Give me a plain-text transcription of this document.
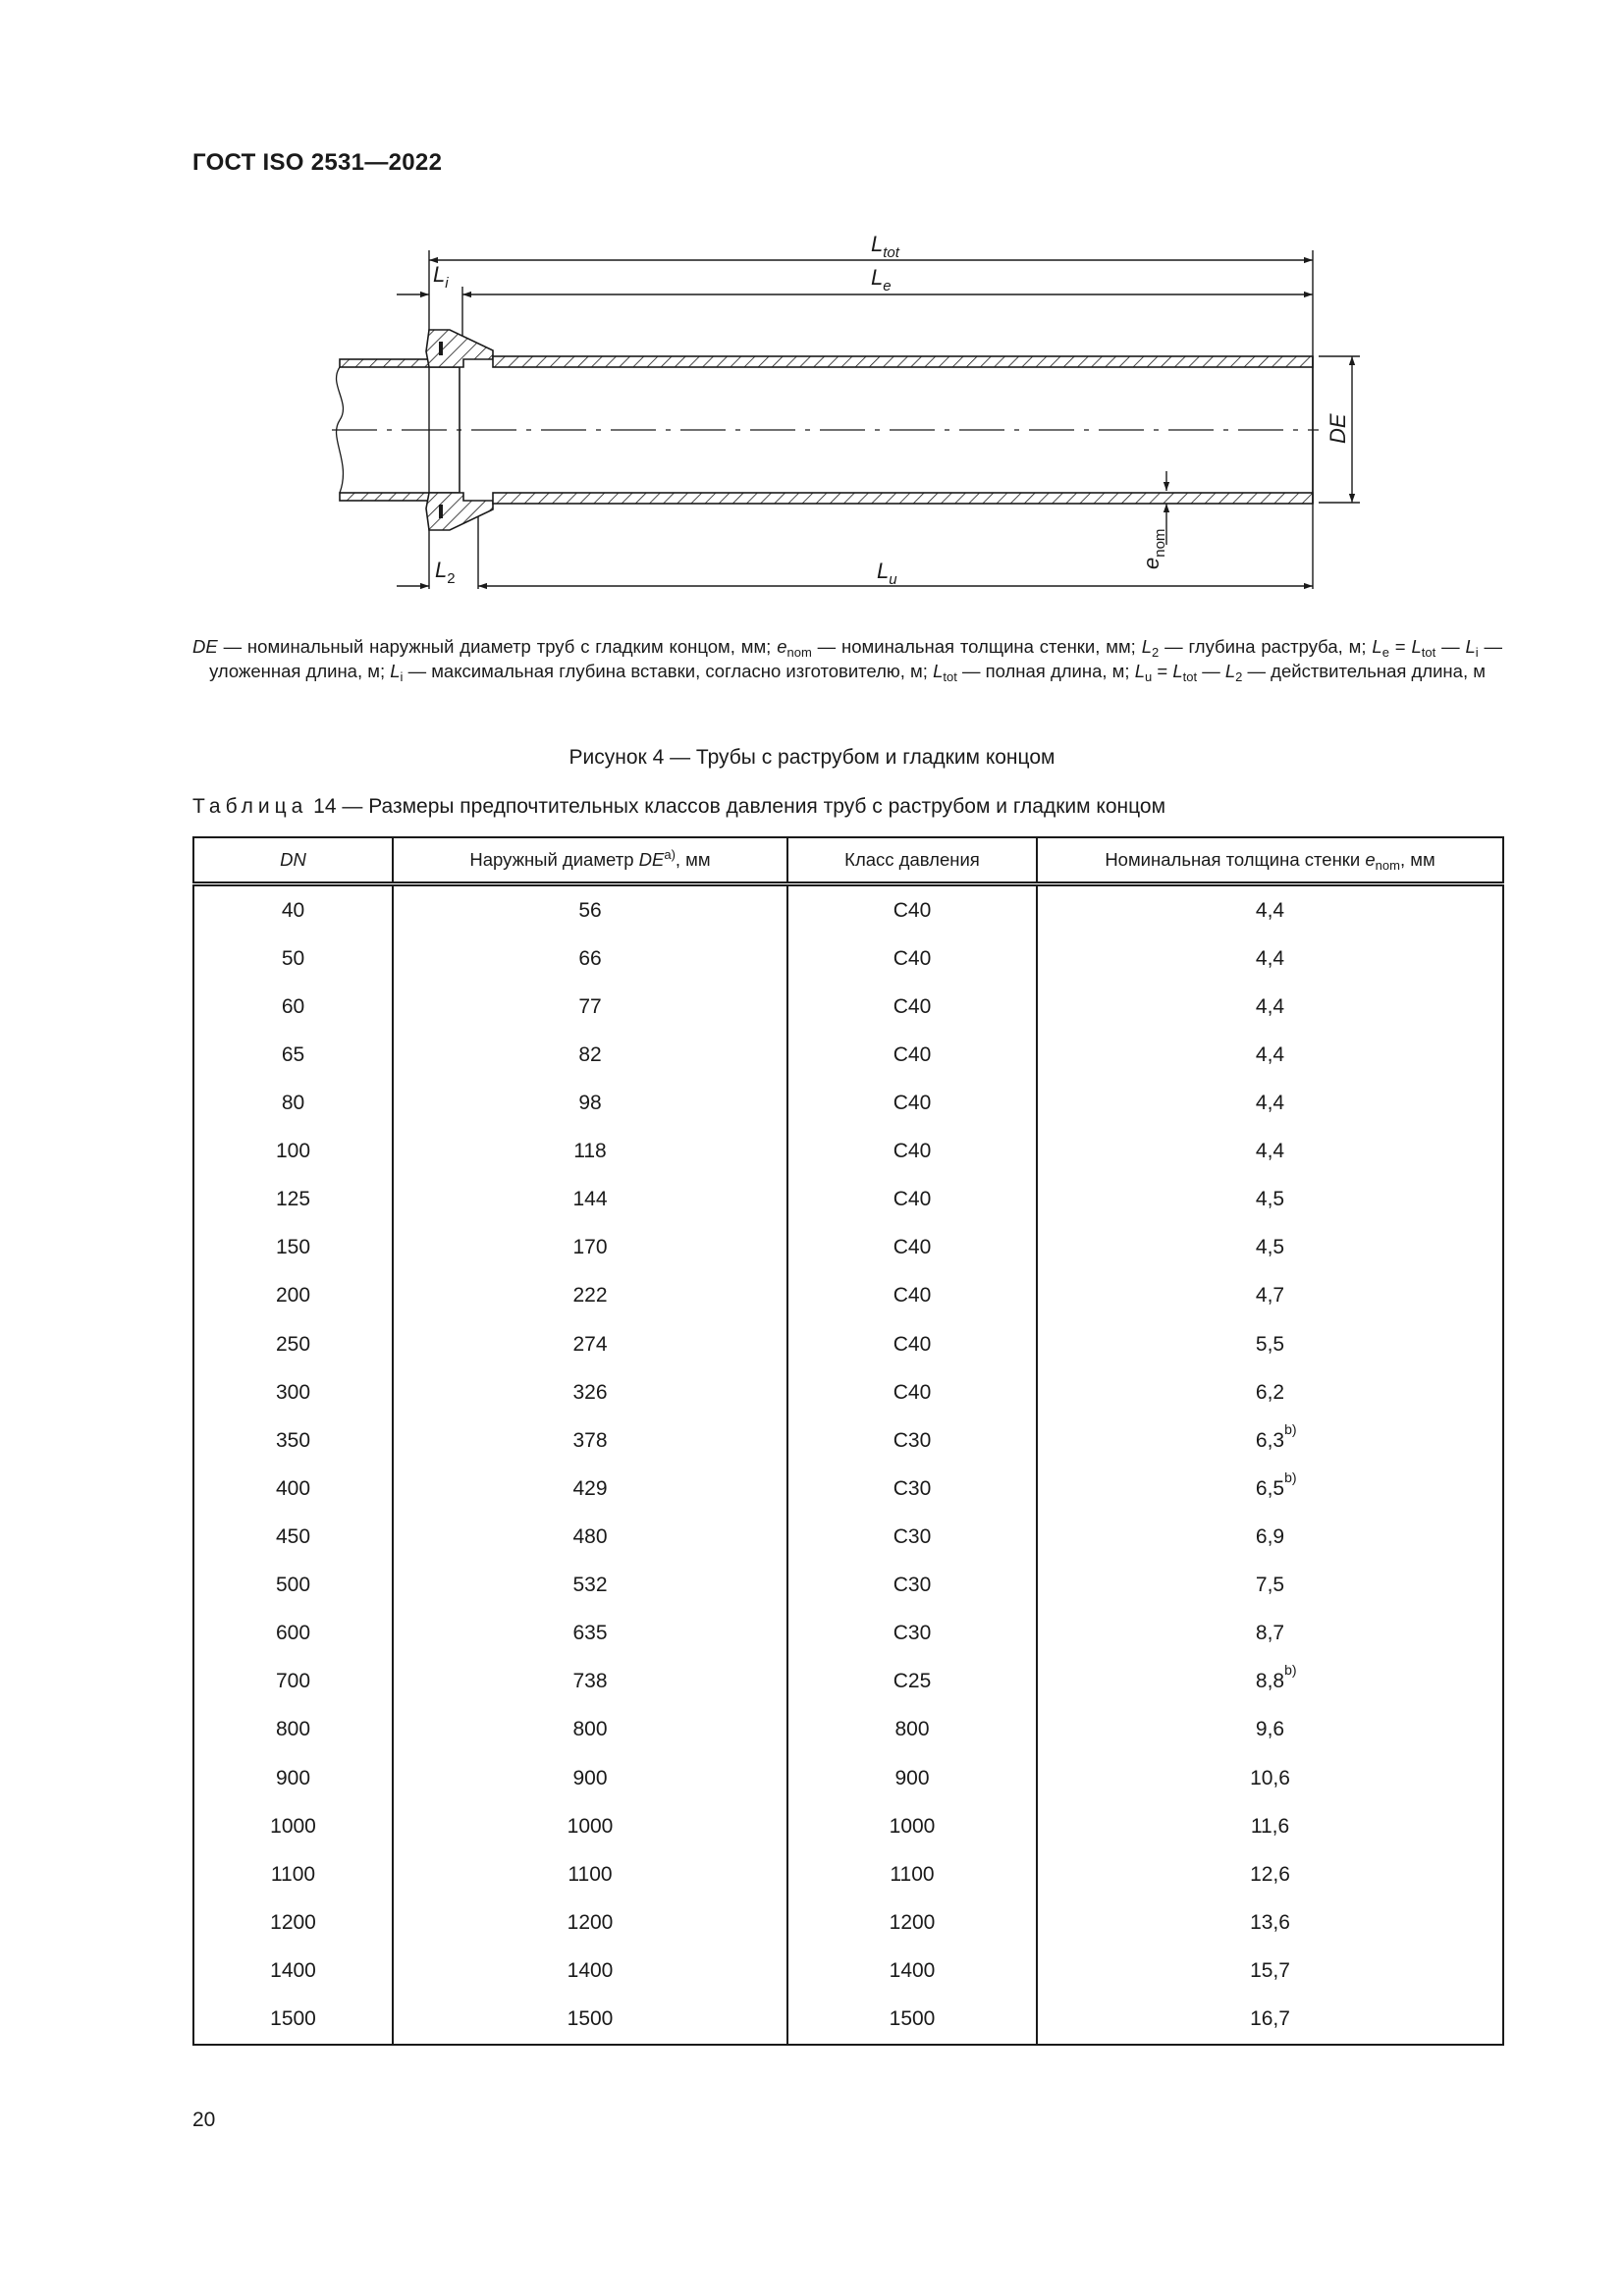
ГОСТ ISO 2531—2022
$L_{tot}$
$L_e$
$L_i$
$L_2$	$L_u$
DE
$e_{nom}$
DE — номинальный наружный диаметр труб с гладким концом, мм; $e_{nom}$ — номинальная толщина стенки, мм; $L_2$ — глубина раструба, м; $L_e = L_{tot}$ — $L_i$ — уложенная длина, м; $L_i$ — максимальная глубина вставки, согласно изготовителю, м; $L_{tot}$ — полная длина, м; $L_u = L_{tot}$ — $L_2$ — действительная длина, м
Рисунок 4 — Трубы с раструбом и гладким концом
Таблица 14 — Размеры предпочтительных классов давления труб с раструбом и гладким концом
DN	Наружный диаметр DE$^{a)}$, мм	Класс давления	Номинальная толщина стенки $e_{nom}$, мм
40	56	C40	4,4
50	66	C40	4,4
60	77	C40	4,4
65	82	C40	4,4
80	98	C40	4,4
100	118	C40	4,4
125	144	C40	4,5
150	170	C40	4,5
200	222	C40	4,7
250	274	C40	5,5
300	326	C40	6,2
350	378	C30	6,3 b)

400	429	C30	6,5 b)

450	480	C30	6,9
500	532	C30	7,5
600	635	C30	8,7
700	738	C25	8,8 b)

800	800	800	9,6
900	900	900	10,6
1000	1000	1000	11,6
1100	1100	1100	12,6
1200	1200	1200	13,6
1400	1400	1400	15,7
1500	1500	1500	16,7
20
